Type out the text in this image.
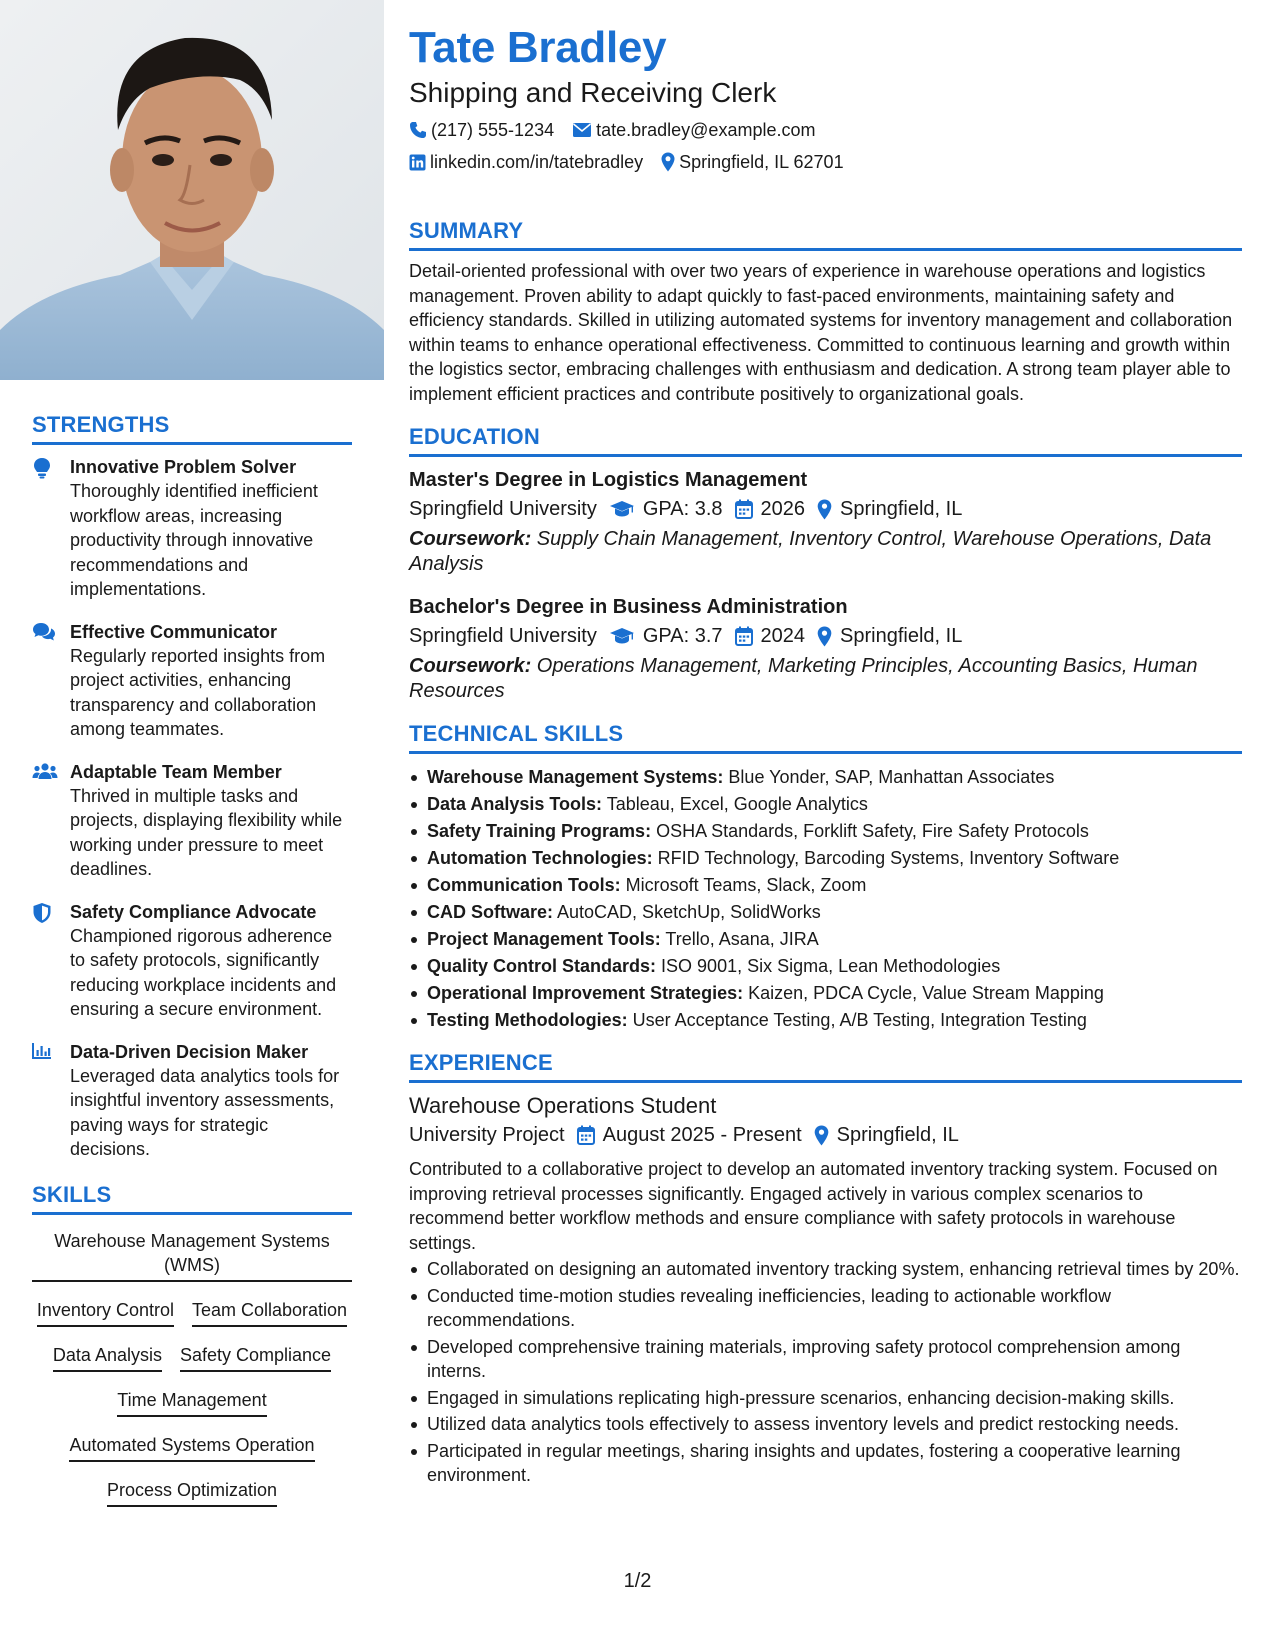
STRENGTHS
Innovative Problem Solver
Thoroughly identified inefficient workflow areas, increasing productivity through innovative recommendations and implementations.
Effective Communicator
Regularly reported insights from project activities, enhancing transparency and collaboration among teammates.
Adaptable Team Member
Thrived in multiple tasks and projects, displaying flexibility while working under pressure to meet deadlines.
Safety Compliance Advocate
Championed rigorous adherence to safety protocols, significantly reducing workplace incidents and ensuring a secure environment.
Data-Driven Decision Maker
Leveraged data analytics tools for insightful inventory assessments, paving ways for strategic decisions.
SKILLS
Warehouse Management Systems (WMS)
Inventory Control Team Collaboration
Data Analysis Safety Compliance
Time Management
Automated Systems Operation
Process Optimization
Tate Bradley
Shipping and Receiving Clerk
(217) 555-1234 tate.bradley@example.com
linkedin.com/in/tatebradley Springfield, IL 62701
SUMMARY

Detail-oriented professional with over two years of experience in warehouse operations and logistics management. Proven ability to adapt quickly to fast-paced environments, maintaining safety and efficiency standards. Skilled in utilizing automated systems for inventory management and collaboration within teams to enhance operational effectiveness. Committed to continuous learning and growth within the logistics sector, embracing challenges with enthusiasm and dedication. A strong team player able to implement efficient practices and contribute positively to organizational goals.

EDUCATION
Master's Degree in Logistics Management
Springfield University GPA: 3.8 2026 Springfield, IL
Coursework: Supply Chain Management, Inventory Control, Warehouse Operations, Data Analysis
Bachelor's Degree in Business Administration
Springfield University GPA: 3.7 2024 Springfield, IL
Coursework: Operations Management, Marketing Principles, Accounting Basics, Human Resources
TECHNICAL SKILLS
Warehouse Management Systems: Blue Yonder, SAP, Manhattan Associates
Data Analysis Tools: Tableau, Excel, Google Analytics
Safety Training Programs: OSHA Standards, Forklift Safety, Fire Safety Protocols
Automation Technologies: RFID Technology, Barcoding Systems, Inventory Software
Communication Tools: Microsoft Teams, Slack, Zoom
CAD Software: AutoCAD, SketchUp, SolidWorks
Project Management Tools: Trello, Asana, JIRA
Quality Control Standards: ISO 9001, Six Sigma, Lean Methodologies
Operational Improvement Strategies: Kaizen, PDCA Cycle, Value Stream Mapping
Testing Methodologies: User Acceptance Testing, A/B Testing, Integration Testing
EXPERIENCE
Warehouse Operations Student
University Project August 2025 - Present Springfield, IL

Contributed to a collaborative project to develop an automated inventory tracking system. Focused on improving retrieval processes significantly. Engaged actively in various complex scenarios to recommend better workflow methods and ensure compliance with safety protocols in warehouse settings.

Collaborated on designing an automated inventory tracking system, enhancing retrieval times by 20%.
Conducted time-motion studies revealing inefficiencies, leading to actionable workflow recommendations.
Developed comprehensive training materials, improving safety protocol comprehension among interns.
Engaged in simulations replicating high-pressure scenarios, enhancing decision-making skills.
Utilized data analytics tools effectively to assess inventory levels and predict restocking needs.
Participated in regular meetings, sharing insights and updates, fostering a cooperative learning environment.
1/2
